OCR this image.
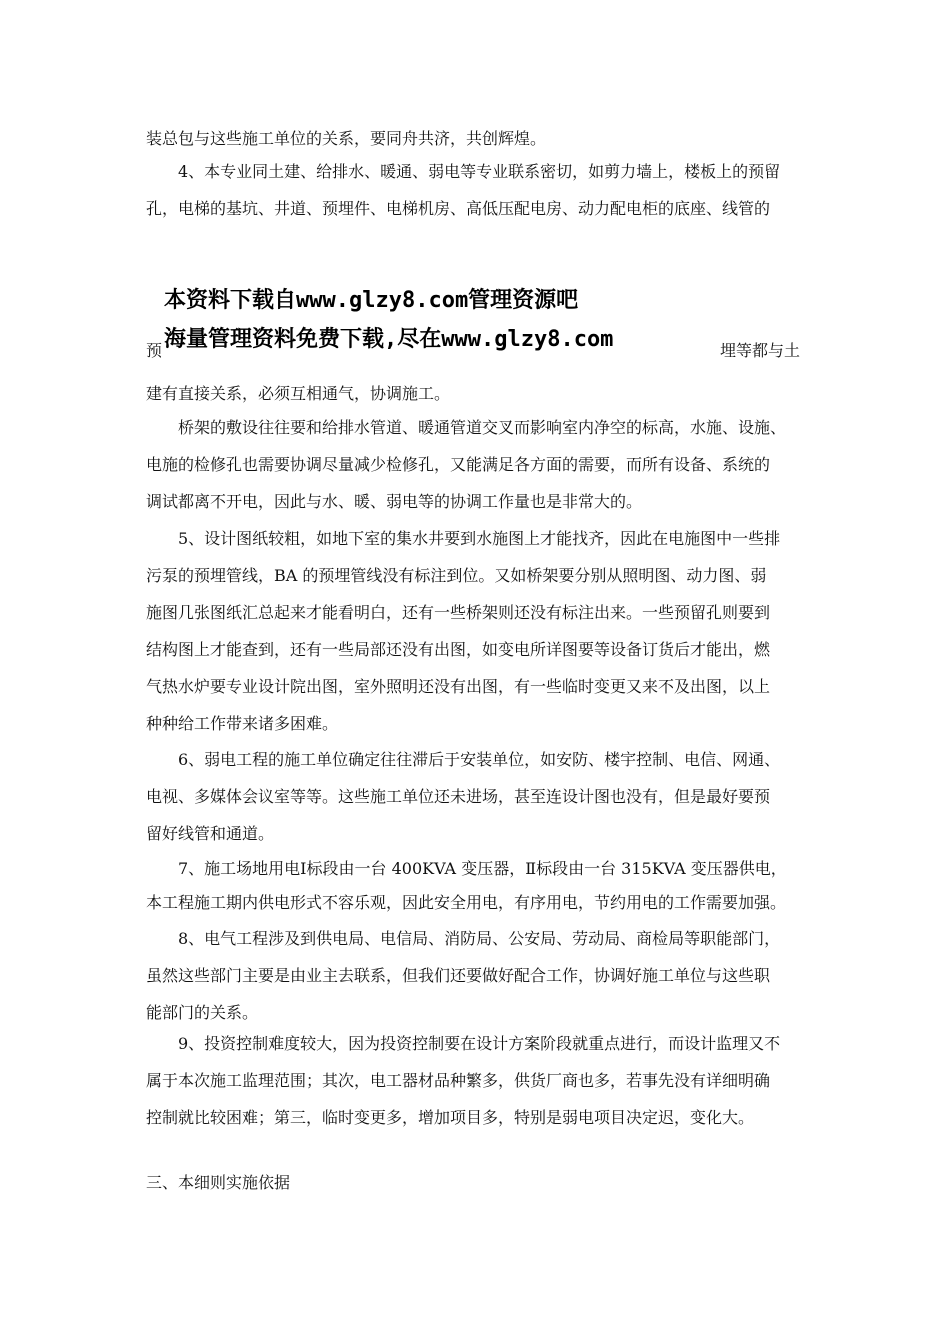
装总包与这些施工单位的关系，要同舟共济，共创辉煌。
4、本专业同土建、给排水、暖通、弱电等专业联系密切，如剪力墙上，楼板上的预留
孔，电梯的基坑、井道、预埋件、电梯机房、高低压配电房、动力配电柜的底座、线管的
本资料下载自www.glzy8.com管理资源吧
预 海量管理资料免费下载,尽在www.glzy8.com	埋等都与土
建有直接关系，必须互相通气，协调施工。
桥架的敷设往往要和给排水管道、暖通管道交叉而影响室内净空的标高，水施、设施、
电施的检修孔也需要协调尽量减少检修孔，又能满足各方面的需要，而所有设备、系统的
调试都离不开电，因此与水、暖、弱电等的协调工作量也是非常大的。
5、设计图纸较粗，如地下室的集水井要到水施图上才能找齐，因此在电施图中一些排
污泵的预埋管线，BA 的预埋管线没有标注到位。又如桥架要分别从照明图、动力图、弱
施图几张图纸汇总起来才能看明白，还有一些桥架则还没有标注出来。一些预留孔则要到
结构图上才能查到，还有一些局部还没有出图，如变电所详图要等设备订货后才能出，燃
气热水炉要专业设计院出图，室外照明还没有出图，有一些临时变更又来不及出图，以上
种种给工作带来诸多困难。
6、弱电工程的施工单位确定往往滞后于安装单位，如安防、楼宇控制、电信、网通、
电视、多媒体会议室等等。这些施工单位还未进场，甚至连设计图也没有，但是最好要预
留好线管和通道。
7、施工场地用电Ⅰ标段由一台 400KVA 变压器，Ⅱ标段由一台 315KVA 变压器供电，
本工程施工期内供电形式不容乐观，因此安全用电，有序用电，节约用电的工作需要加强。
8、电气工程涉及到供电局、电信局、消防局、公安局、劳动局、商检局等职能部门，
虽然这些部门主要是由业主去联系，但我们还要做好配合工作，协调好施工单位与这些职
能部门的关系。
9、投资控制难度较大，因为投资控制要在设计方案阶段就重点进行，而设计监理又不
属于本次施工监理范围；其次，电工器材品种繁多，供货厂商也多，若事先没有详细明确
控制就比较困难；第三，临时变更多，增加项目多，特别是弱电项目决定迟，变化大。
三、本细则实施依据
